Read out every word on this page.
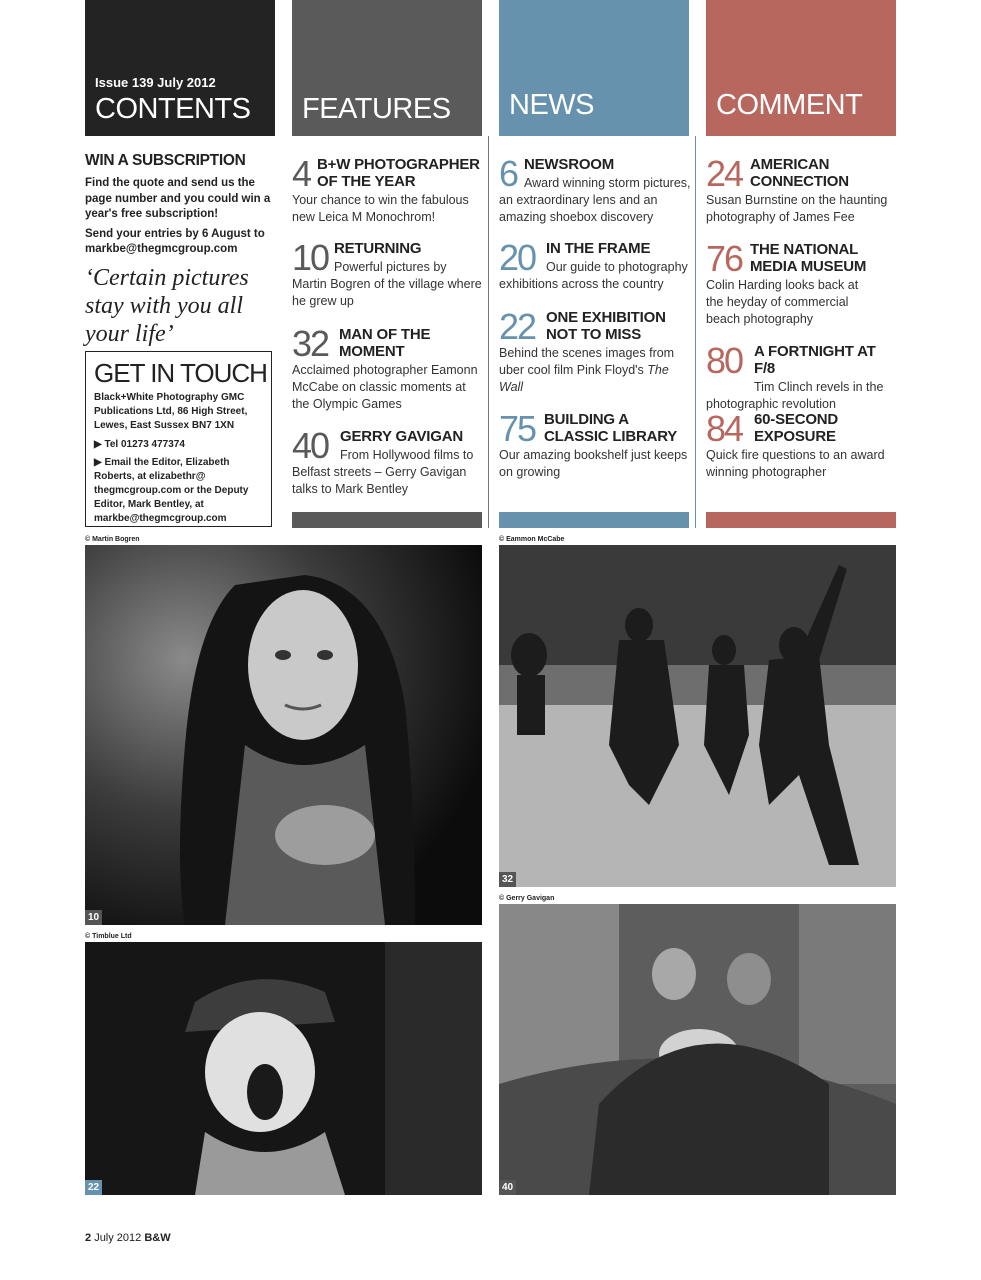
Issue 139 July 2012
CONTENTS
WIN A SUBSCRIPTION
Find the quote and send us the page number and you could win a year's free subscription!
Send your entries by 6 August to markbe@thegmcgroup.com
‘Certain pictures stay with you all your life’
GET IN TOUCH
Black+White Photography GMC Publications Ltd, 86 High Street, Lewes, East Sussex BN7 1XN
▶ Tel 01273 477374
▶ Email the Editor, Elizabeth Roberts, at elizabethr@ thegmcgroup.com or the Deputy Editor, Mark Bentley, at markbe@thegmcgroup.com
FEATURES
4 B+W PHOTOGRAPHER OF THE YEAR
Your chance to win the fabulous new Leica M Monochrom!
10 RETURNING
Powerful pictures by Martin Bogren of the village where he grew up
32 MAN OF THE MOMENT
Acclaimed photographer Eamonn McCabe on classic moments at the Olympic Games
40 GERRY GAVIGAN
From Hollywood films to Belfast streets – Gerry Gavigan talks to Mark Bentley
NEWS
6 NEWSROOM
Award winning storm pictures, an extraordinary lens and an amazing shoebox discovery
20 IN THE FRAME
Our guide to photography exhibitions across the country
22 ONE EXHIBITION NOT TO MISS
Behind the scenes images from uber cool film Pink Floyd's The Wall
75 BUILDING A CLASSIC LIBRARY
Our amazing bookshelf just keeps on growing
COMMENT
24 AMERICAN CONNECTION
Susan Burnstine on the haunting photography of James Fee
76 THE NATIONAL MEDIA MUSEUM
Colin Harding looks back at the heyday of commercial beach photography
80 A FORTNIGHT AT F/8
Tim Clinch revels in the photographic revolution
84 60-SECOND EXPOSURE
Quick fire questions to an award winning photographer
© Martin Bogren
10
© Eammon McCabe
32
© Gerry Gavigan
40
© Timblue Ltd
22
2 July 2012 B&W
